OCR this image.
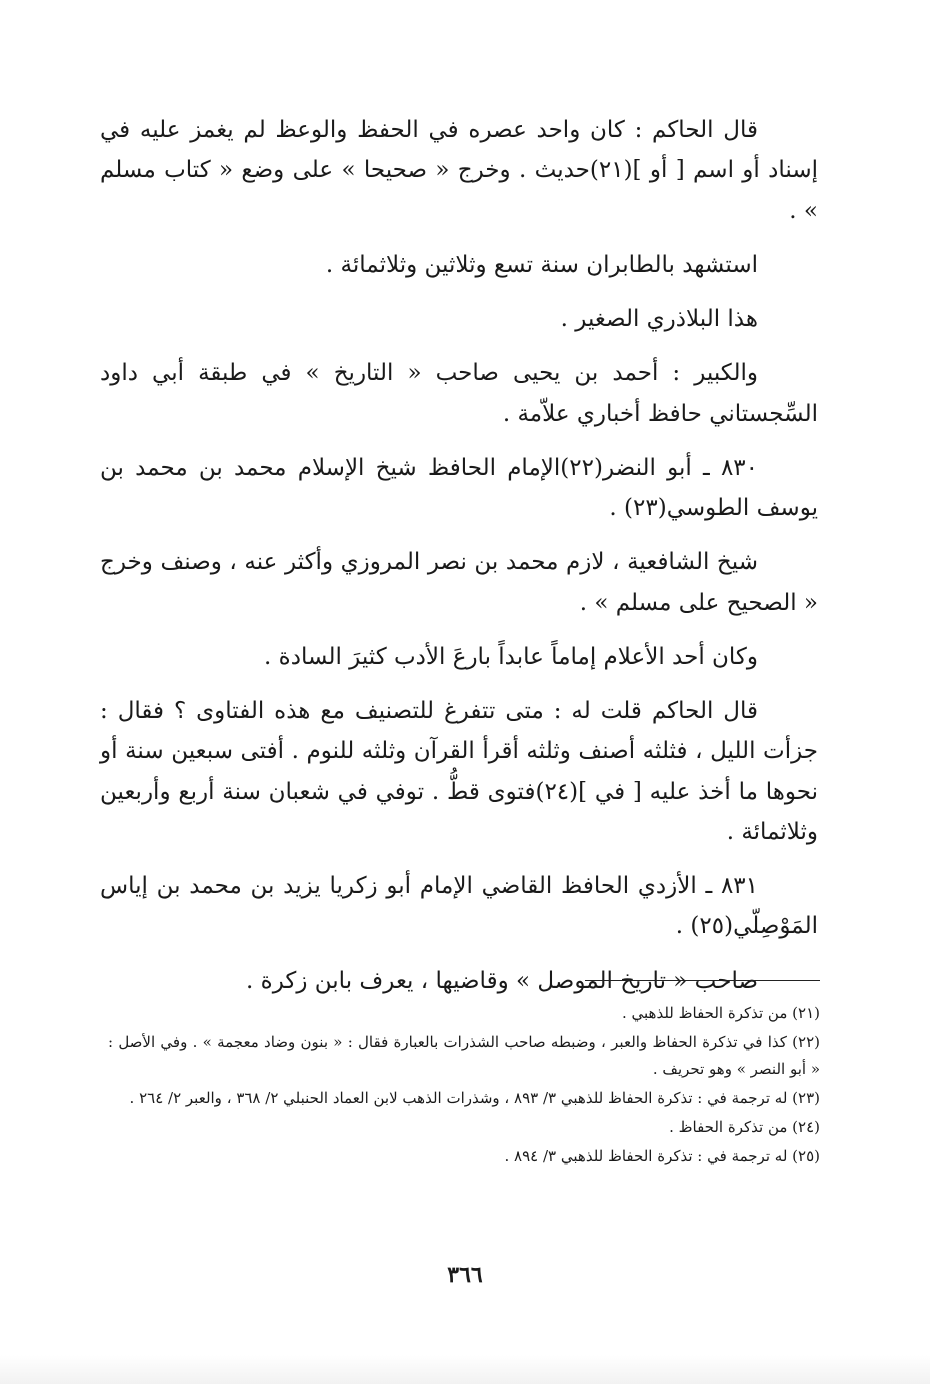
قال الحاكم : كان واحد عصره في الحفظ والوعظ لم يغمز عليه في إسناد أو اسم [ أو ](٢١)حديث . وخرج « صحيحا » على وضع « كتاب مسلم » .

استشهد بالطابران سنة تسع وثلاثين وثلاثمائة .

هذا البلاذري الصغير .

والكبير : أحمد بن يحيى صاحب « التاريخ » في طبقة أبي داود السِّجستاني حافظ أخباري علاّمة .

٨٣٠ ـ أبو النضر(٢٢)الإمام الحافظ شيخ الإسلام محمد بن محمد بن يوسف الطوسي(٢٣) .

شيخ الشافعية ، لازم محمد بن نصر المروزي وأكثر عنه ، وصنف وخرج « الصحيح على مسلم » .

وكان أحد الأعلام إماماً عابداً بارعَ الأدب كثيرَ السادة .

قال الحاكم قلت له : متى تتفرغ للتصنيف مع هذه الفتاوى ؟ فقال : جزأت الليل ، فثلثه أصنف وثلثه أقرأ القرآن وثلثه للنوم . أفتى سبعين سنة أو نحوها ما أخذ عليه [ في ](٢٤)فتوى قطُّ . توفي في شعبان سنة أربع وأربعين وثلاثمائة .

٨٣١ ـ الأزدي الحافظ القاضي الإمام أبو زكريا يزيد بن محمد بن إياس المَوْصِلّي(٢٥) .

صاحب « تاريخ الموصل » وقاضيها ، يعرف بابن زكرة .

(٢١) من تذكرة الحفاظ للذهبي .

(٢٢) كذا في تذكرة الحفاظ والعبر ، وضبطه صاحب الشذرات بالعبارة فقال : « بنون وضاد معجمة » . وفي الأصل : « أبو النصر » وهو تحريف .

(٢٣) له ترجمة في : تذكرة الحفاظ للذهبي ٣/ ٨٩٣ ، وشذرات الذهب لابن العماد الحنبلي ٢/ ٣٦٨ ، والعبر ٢/ ٢٦٤ .

(٢٤) من تذكرة الحفاظ .

(٢٥) له ترجمة في : تذكرة الحفاظ للذهبي ٣/ ٨٩٤ .

٣٦٦
